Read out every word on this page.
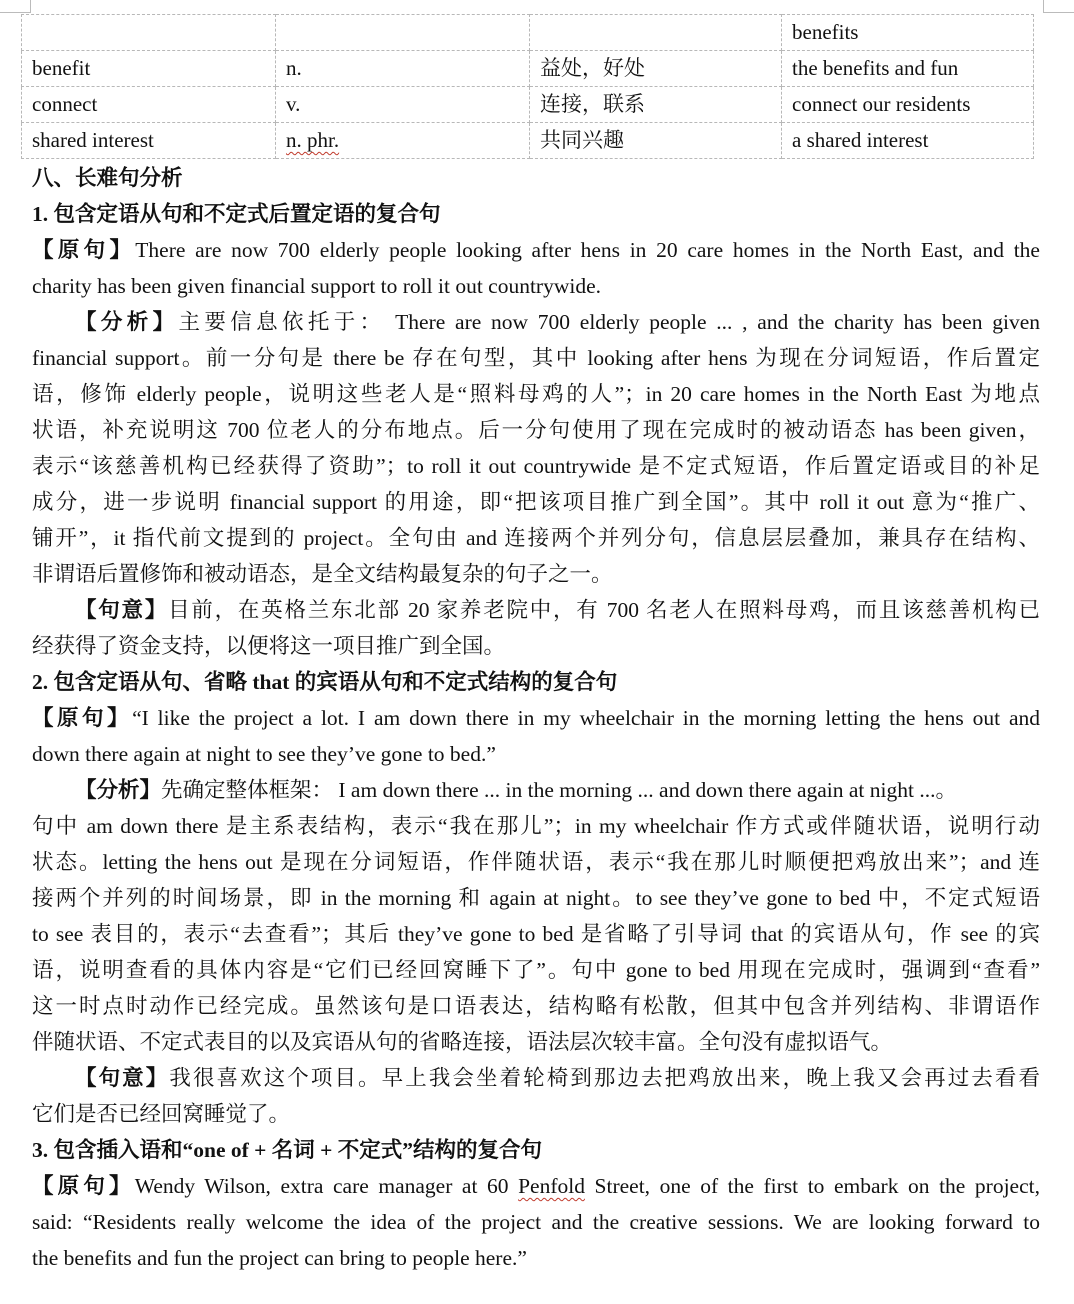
			benefits
benefit	n.	益处，好处	the benefits and fun
connect	v.	连接，联系	connect our residents
shared interest	n. phr.	共同兴趣	a shared interest
八、长难句分析
1. 包含定语从句和不定式后置定语的复合句
【原句】There are now 700 elderly people looking after hens in 20 care homes in the North East, and the
charity has been given financial support to roll it out countrywide.
【分析】主要信息依托于： There are now 700 elderly people ... , and the charity has been given
financial support。前一分句是 there be 存在句型，其中 looking after hens 为现在分词短语，作后置定
语，修饰 elderly people，说明这些老人是“照料母鸡的人”；in 20 care homes in the North East 为地点
状语，补充说明这 700 位老人的分布地点。后一分句使用了现在完成时的被动语态 has been given，
表示“该慈善机构已经获得了资助”；to roll it out countrywide 是不定式短语，作后置定语或目的补足
成分，进一步说明 financial support 的用途，即“把该项目推广到全国”。其中 roll it out 意为“推广、
铺开”，it 指代前文提到的 project。全句由 and 连接两个并列分句，信息层层叠加，兼具存在结构、
非谓语后置修饰和被动语态，是全文结构最复杂的句子之一。
【句意】目前，在英格兰东北部 20 家养老院中，有 700 名老人在照料母鸡，而且该慈善机构已
经获得了资金支持，以便将这一项目推广到全国。
2. 包含定语从句、省略 that 的宾语从句和不定式结构的复合句
【原句】“I like the project a lot. I am down there in my wheelchair in the morning letting the hens out and
down there again at night to see they’ve gone to bed.”
【分析】先确定整体框架： I am down there ... in the morning ... and down there again at night ...。
句中 am down there 是主系表结构，表示“我在那儿”；in my wheelchair 作方式或伴随状语，说明行动
状态。letting the hens out 是现在分词短语，作伴随状语，表示“我在那儿时顺便把鸡放出来”；and 连
接两个并列的时间场景，即 in the morning 和 again at night。to see they’ve gone to bed 中，不定式短语
to see 表目的，表示“去查看”；其后 they’ve gone to bed 是省略了引导词 that 的宾语从句，作 see 的宾
语，说明查看的具体内容是“它们已经回窝睡下了”。句中 gone to bed 用现在完成时，强调到“查看”
这一时点时动作已经完成。虽然该句是口语表达，结构略有松散，但其中包含并列结构、非谓语作
伴随状语、不定式表目的以及宾语从句的省略连接，语法层次较丰富。全句没有虚拟语气。
【句意】我很喜欢这个项目。早上我会坐着轮椅到那边去把鸡放出来，晚上我又会再过去看看
它们是否已经回窝睡觉了。
3. 包含插入语和“one of + 名词 + 不定式”结构的复合句
【原句】Wendy Wilson, extra care manager at 60 Penfold Street, one of the first to embark on the project,
said: “Residents really welcome the idea of the project and the creative sessions. We are looking forward to
the benefits and fun the project can bring to people here.”
